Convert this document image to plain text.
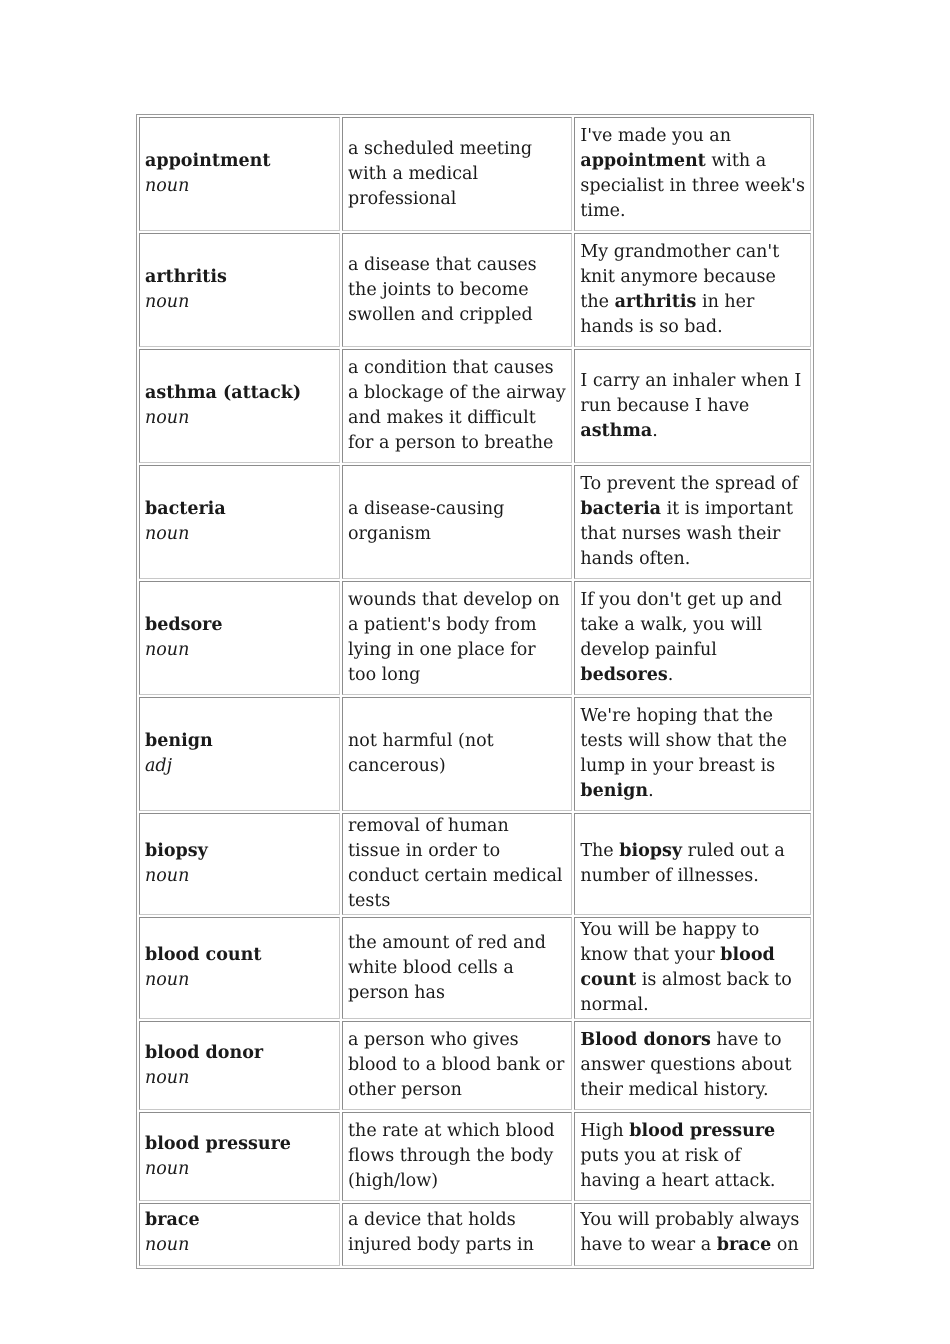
appointment
noun	a scheduled meeting with a medical professional	I've made you an appointment with a specialist in three week's time.

arthritis
noun	a disease that causes the joints to become swollen and crippled	My grandmother can't knit anymore because the arthritis in her hands is so bad.

asthma (attack)
noun	a condition that causes a blockage of the airway and makes it difficult for a person to breathe	I carry an inhaler when I run because I have asthma.

bacteria
noun	a disease-causing organism	To prevent the spread of bacteria it is important that nurses wash their hands often.

bedsore
noun	wounds that develop on a patient's body from lying in one place for too long	If you don't get up and take a walk, you will develop painful bedsores.

benign
adj	not harmful (not cancerous)	We're hoping that the tests will show that the lump in your breast is benign.

biopsy
noun	removal of human tissue in order to conduct certain medical tests	The biopsy ruled out a number of illnesses.

blood count
noun	the amount of red and white blood cells a person has	You will be happy to know that your blood count is almost back to normal.

blood donor
noun	a person who gives blood to a blood bank or other person	Blood donors have to answer questions about their medical history.

blood pressure
noun	the rate at which blood flows through the body (high/low)	High blood pressure puts you at risk of having a heart attack.

brace
noun	a device that holds injured body parts in	You will probably always have to wear a brace on
